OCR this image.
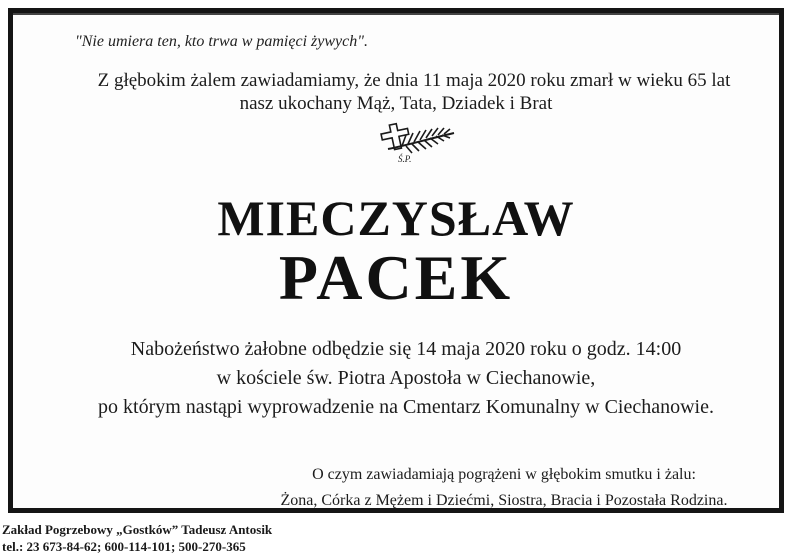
"Nie umiera ten, kto trwa w pamięci żywych".
Z głębokim żalem zawiadamiamy, że dnia 11 maja 2020 roku zmarł w wieku 65 lat
nasz ukochany Mąż, Tata, Dziadek i Brat
Ś.P.
MIECZYSŁAW
PACEK
Nabożeństwo żałobne odbędzie się 14 maja 2020 roku o godz. 14:00
w kościele św. Piotra Apostoła w Ciechanowie,
po którym nastąpi wyprowadzenie na Cmentarz Komunalny w Ciechanowie.
O czym zawiadamiają pogrążeni w głębokim smutku i żalu:
Żona, Córka z Mężem i Dziećmi, Siostra, Bracia i Pozostała Rodzina.
Zakład Pogrzebowy „Gostków” Tadeusz Antosik
tel.: 23 673-84-62; 600-114-101; 500-270-365
